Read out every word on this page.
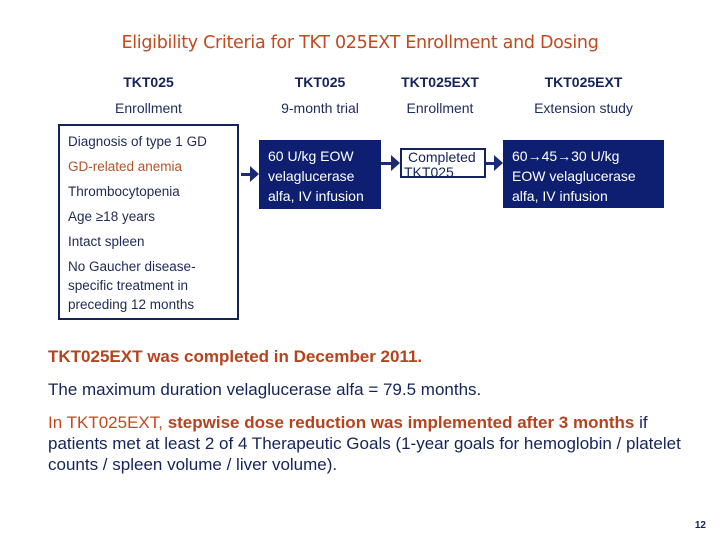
Eligibility Criteria for TKT 025EXT Enrollment and Dosing
TKT025
Enrollment
TKT025
9-month trial
TKT025EXT
Enrollment
TKT025EXT
Extension study
Diagnosis of type 1 GD
GD-related anemia
Thrombocytopenia
Age ≥18 years
Intact spleen
No Gaucher disease-specific treatment in preceding 12 months
60 U/kg EOW
velaglucerase
alfa, IV infusion
Completed
TKT025
60→45→30 U/kg
EOW velaglucerase
alfa, IV infusion
TKT025EXT was completed in December 2011.
The maximum duration velaglucerase alfa = 79.5 months.
In TKT025EXT, stepwise dose reduction was implemented after 3 months if patients met at least 2 of 4 Therapeutic Goals (1-year goals for hemoglobin / platelet counts / spleen volume / liver volume).
12
